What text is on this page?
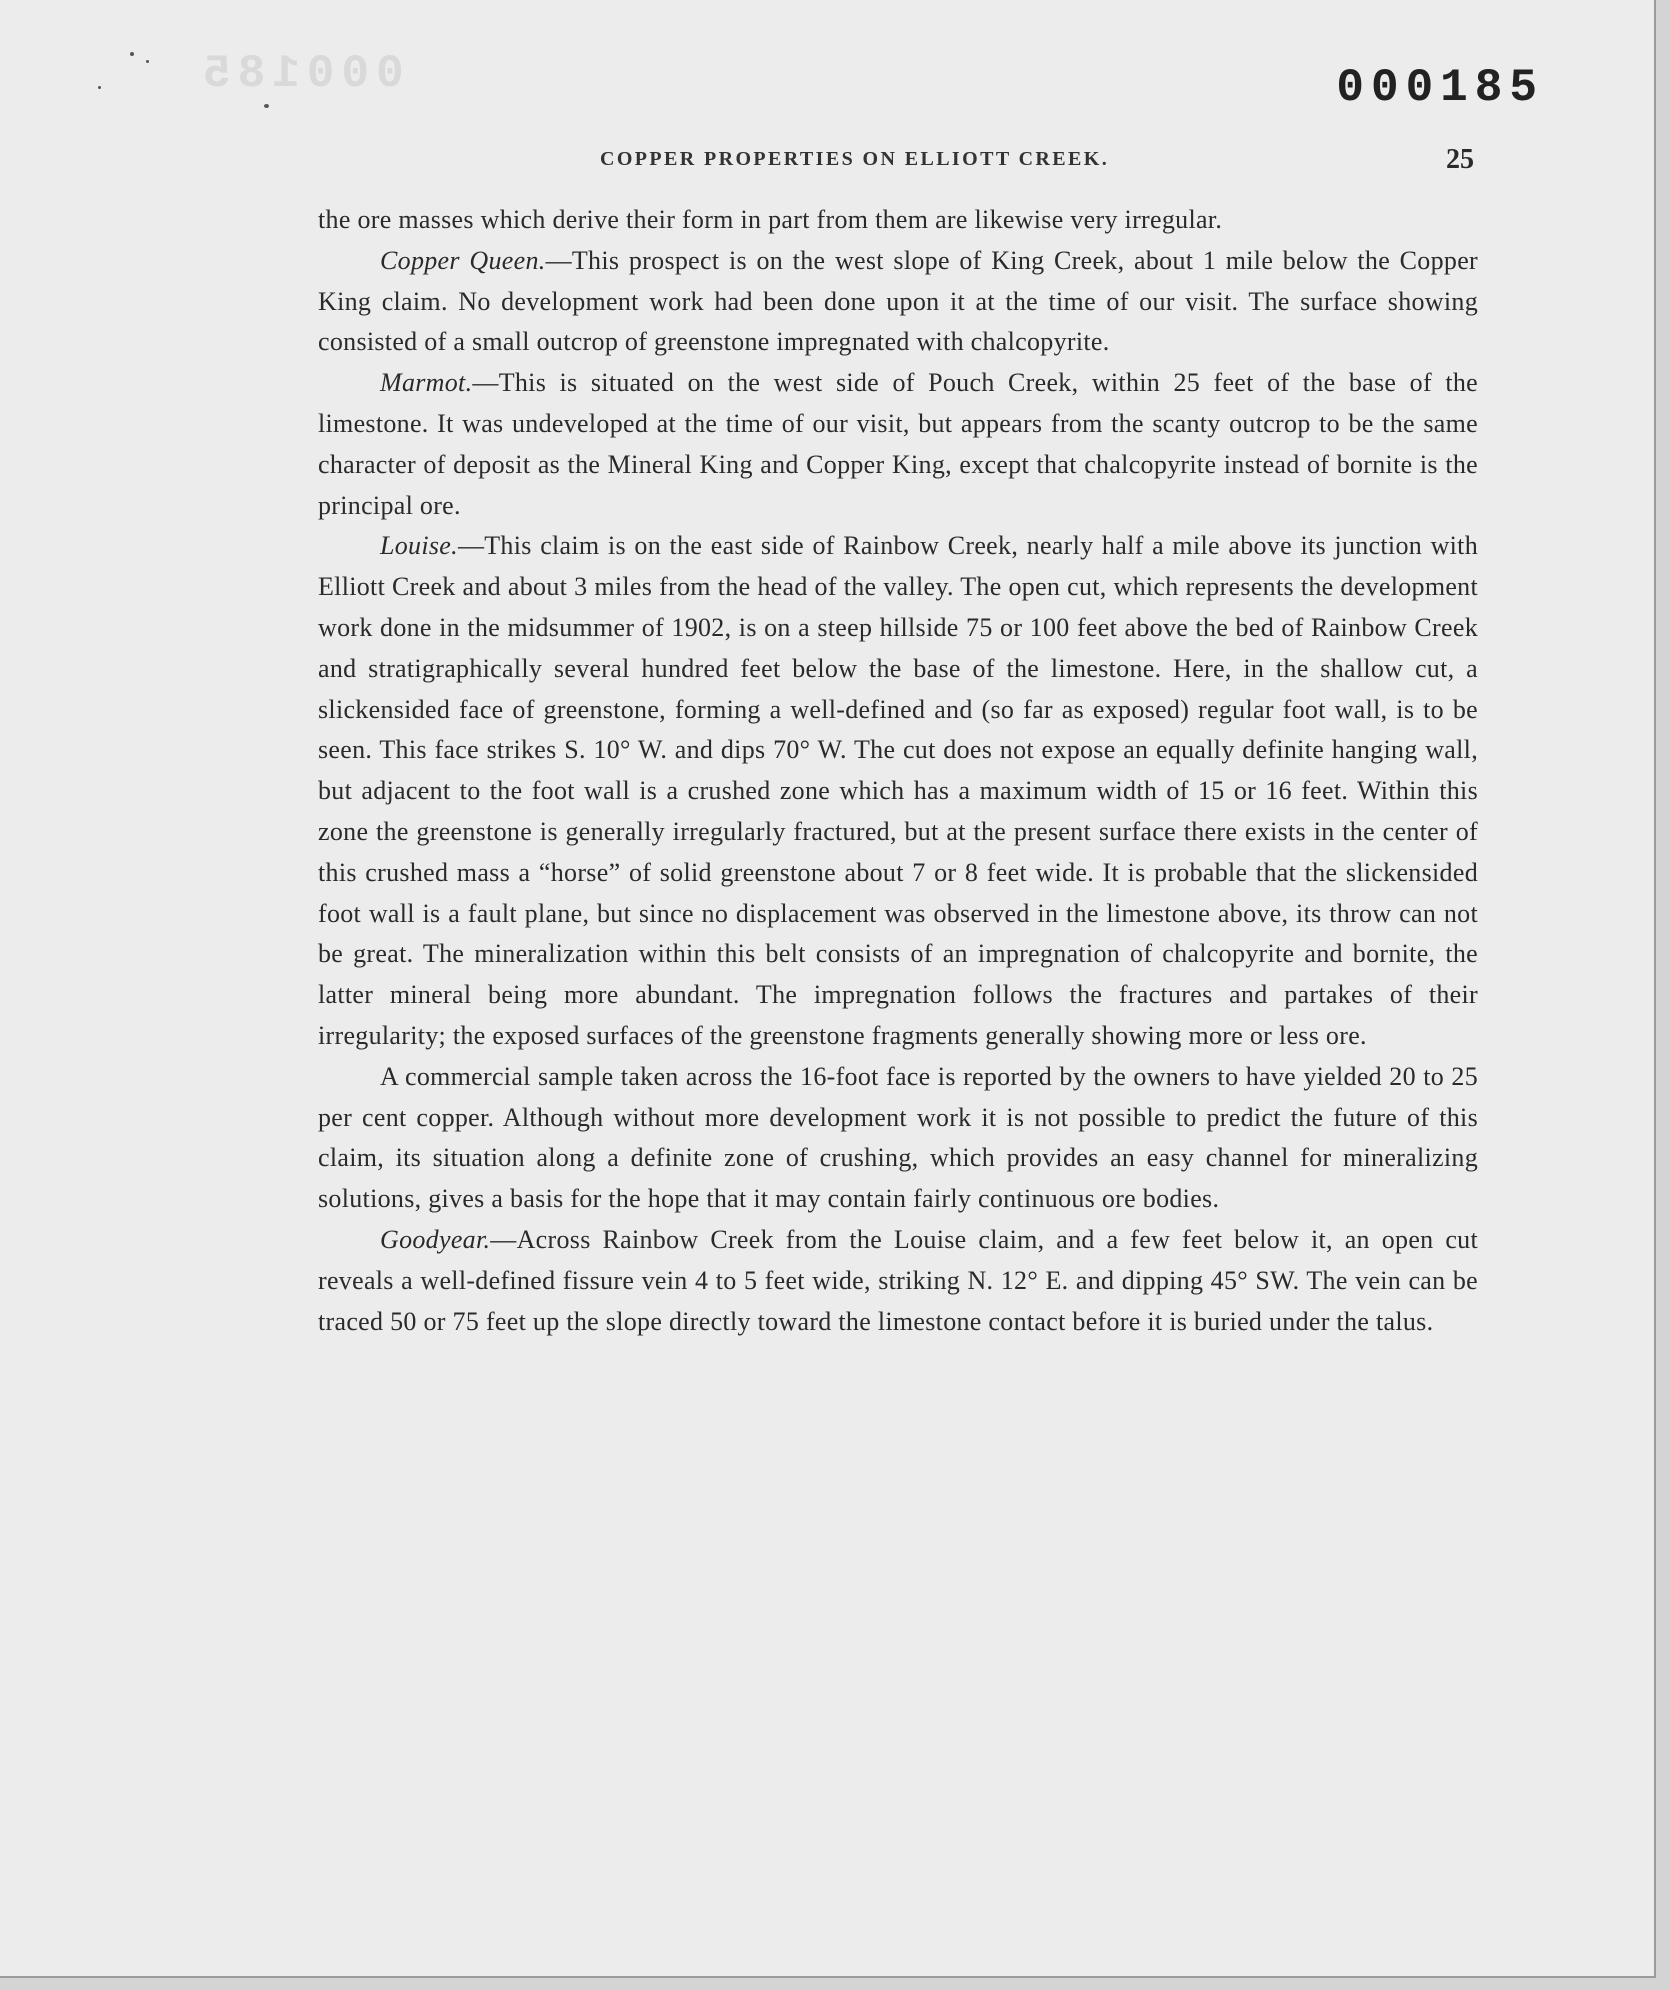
000185	000185
COPPER PROPERTIES ON ELLIOTT CREEK.	25

the ore masses which derive their form in part from them are likewise very irregular.

Copper Queen.—This prospect is on the west slope of King Creek, about 1 mile below the Copper King claim. No development work had been done upon it at the time of our visit. The surface showing consisted of a small outcrop of greenstone impregnated with chalcopyrite.

Marmot.—This is situated on the west side of Pouch Creek, within 25 feet of the base of the limestone. It was undeveloped at the time of our visit, but appears from the scanty outcrop to be the same character of deposit as the Mineral King and Copper King, except that chalcopyrite instead of bornite is the principal ore.

Louise.—This claim is on the east side of Rainbow Creek, nearly half a mile above its junction with Elliott Creek and about 3 miles from the head of the valley. The open cut, which represents the development work done in the midsummer of 1902, is on a steep hillside 75 or 100 feet above the bed of Rainbow Creek and stratigraphically several hundred feet below the base of the limestone. Here, in the shallow cut, a slickensided face of greenstone, forming a well-defined and (so far as exposed) regular foot wall, is to be seen. This face strikes S. 10° W. and dips 70° W. The cut does not expose an equally definite hanging wall, but adjacent to the foot wall is a crushed zone which has a maximum width of 15 or 16 feet. Within this zone the greenstone is generally irregularly fractured, but at the present surface there exists in the center of this crushed mass a “horse” of solid greenstone about 7 or 8 feet wide. It is probable that the slickensided foot wall is a fault plane, but since no displacement was observed in the limestone above, its throw can not be great. The mineralization within this belt consists of an impregnation of chalcopyrite and bornite, the latter mineral being more abundant. The impregnation follows the fractures and partakes of their irregularity; the exposed surfaces of the greenstone fragments generally showing more or less ore.

A commercial sample taken across the 16-foot face is reported by the owners to have yielded 20 to 25 per cent copper. Although without more development work it is not possible to predict the future of this claim, its situation along a definite zone of crushing, which provides an easy channel for mineralizing solutions, gives a basis for the hope that it may contain fairly continuous ore bodies.

Goodyear.—Across Rainbow Creek from the Louise claim, and a few feet below it, an open cut reveals a well-defined fissure vein 4 to 5 feet wide, striking N. 12° E. and dipping 45° SW. The vein can be traced 50 or 75 feet up the slope directly toward the limestone contact before it is buried under the talus.
